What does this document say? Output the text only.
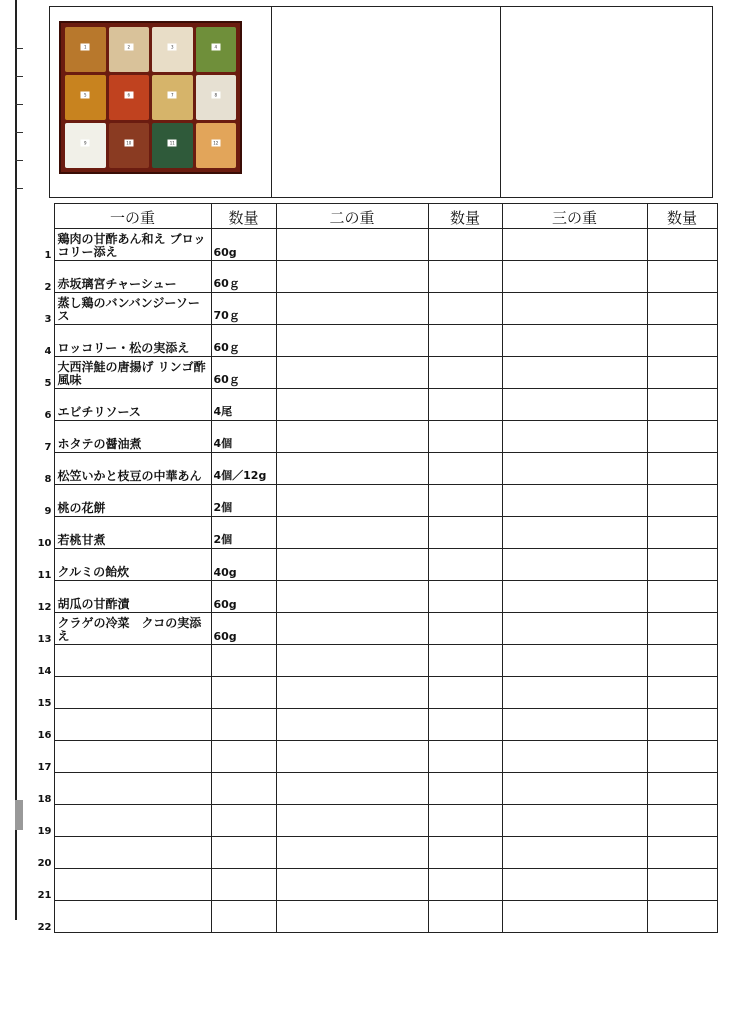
1	2	3	4
5	6	7	8
9	10	11	12
	一の重	数量	二の重	数量	三の重	数量
1	鶏肉の甘酢あん和え ブロッコリー添え	60g				
2	赤坂璃宮チャーシュー	60ｇ				
3	蒸し鶏のバンバンジーソース	70ｇ				
4	ロッコリー・松の実添え	60ｇ				
5	大西洋鮭の唐揚げ リンゴ酢風味	60ｇ				
6	エビチリソース	4尾				
7	ホタテの醤油煮	4個				
8	松笠いかと枝豆の中華あん	4個／12g				
9	桃の花餅	2個				
10	若桃甘煮	2個				
11	クルミの飴炊	40g				
12	胡瓜の甘酢漬	60g				
13	クラゲの冷菜　クコの実添え	60g				
14						
15						
16						
17						
18						
19						
20						
21						
22						
